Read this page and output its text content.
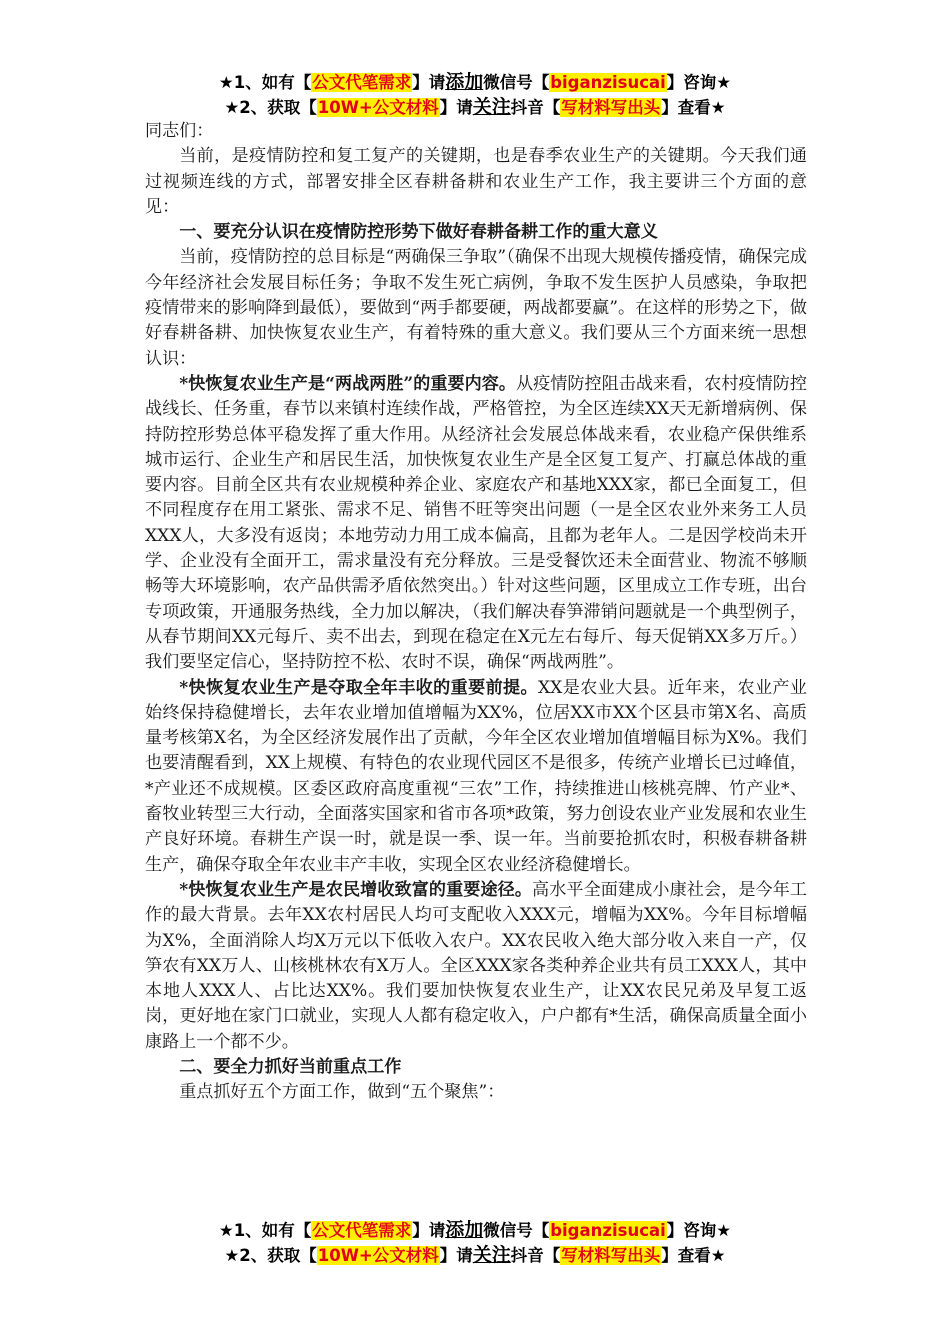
★1、如有【公文代笔需求】请添加微信号【biganzisucai】咨询★
★2、获取【10W+公文材料】请关注抖音【写材料写出头】查看★

同志们：

当前，是疫情防控和复工复产的关键期，也是春季农业生产的关键期。今天我们通过视频连线的方式，部署安排全区春耕备耕和农业生产工作，我主要讲三个方面的意见：

一、要充分认识在疫情防控形势下做好春耕备耕工作的重大意义

当前，疫情防控的总目标是“两确保三争取”（确保不出现大规模传播疫情，确保完成今年经济社会发展目标任务；争取不发生死亡病例，争取不发生医护人员感染，争取把疫情带来的影响降到最低），要做到“两手都要硬，两战都要赢”。在这样的形势之下，做好春耕备耕、加快恢复农业生产，有着特殊的重大意义。我们要从三个方面来统一思想认识：

*快恢复农业生产是“两战两胜”的重要内容。从疫情防控阻击战来看，农村疫情防控战线长、任务重，春节以来镇村连续作战，严格管控，为全区连续XX天无新增病例、保持防控形势总体平稳发挥了重大作用。从经济社会发展总体战来看，农业稳产保供维系城市运行、企业生产和居民生活，加快恢复农业生产是全区复工复产、打赢总体战的重要内容。目前全区共有农业规模种养企业、家庭农产和基地XXX家，都已全面复工，但不同程度存在用工紧张、需求不足、销售不旺等突出问题（一是全区农业外来务工人员XXX人，大多没有返岗；本地劳动力用工成本偏高，且都为老年人。二是因学校尚未开学、企业没有全面开工，需求量没有充分释放。三是受餐饮还未全面营业、物流不够顺畅等大环境影响，农产品供需矛盾依然突出。）针对这些问题，区里成立工作专班，出台专项政策，开通服务热线，全力加以解决，（我们解决春笋滞销问题就是一个典型例子，从春节期间XX元每斤、卖不出去，到现在稳定在X元左右每斤、每天促销XX多万斤。）我们要坚定信心，坚持防控不松、农时不误，确保“两战两胜”。

*快恢复农业生产是夺取全年丰收的重要前提。XX是农业大县。近年来，农业产业始终保持稳健增长，去年农业增加值增幅为XX%，位居XX市XX个区县市第X名、高质量考核第X名，为全区经济发展作出了贡献，今年全区农业增加值增幅目标为X%。我们也要清醒看到，XX上规模、有特色的农业现代园区不是很多，传统产业增长已过峰值，*产业还不成规模。区委区政府高度重视“三农”工作，持续推进山核桃亮牌、竹产业*、畜牧业转型三大行动，全面落实国家和省市各项*政策，努力创设农业产业发展和农业生产良好环境。春耕生产误一时，就是误一季、误一年。当前要抢抓农时，积极春耕备耕生产，确保夺取全年农业丰产丰收，实现全区农业经济稳健增长。

*快恢复农业生产是农民增收致富的重要途径。高水平全面建成小康社会，是今年工作的最大背景。去年XX农村居民人均可支配收入XXX元，增幅为XX%。今年目标增幅为X%，全面消除人均X万元以下低收入农户。XX农民收入绝大部分收入来自一产，仅笋农有XX万人、山核桃林农有X万人。全区XXX家各类种养企业共有员工XXX人，其中本地人XXX人、占比达XX%。我们要加快恢复农业生产，让XX农民兄弟及早复工返岗，更好地在家门口就业，实现人人都有稳定收入，户户都有*生活，确保高质量全面小康路上一个都不少。

二、要全力抓好当前重点工作

重点抓好五个方面工作，做到“五个聚焦”：

★1、如有【公文代笔需求】请添加微信号【biganzisucai】咨询★
★2、获取【10W+公文材料】请关注抖音【写材料写出头】查看★
